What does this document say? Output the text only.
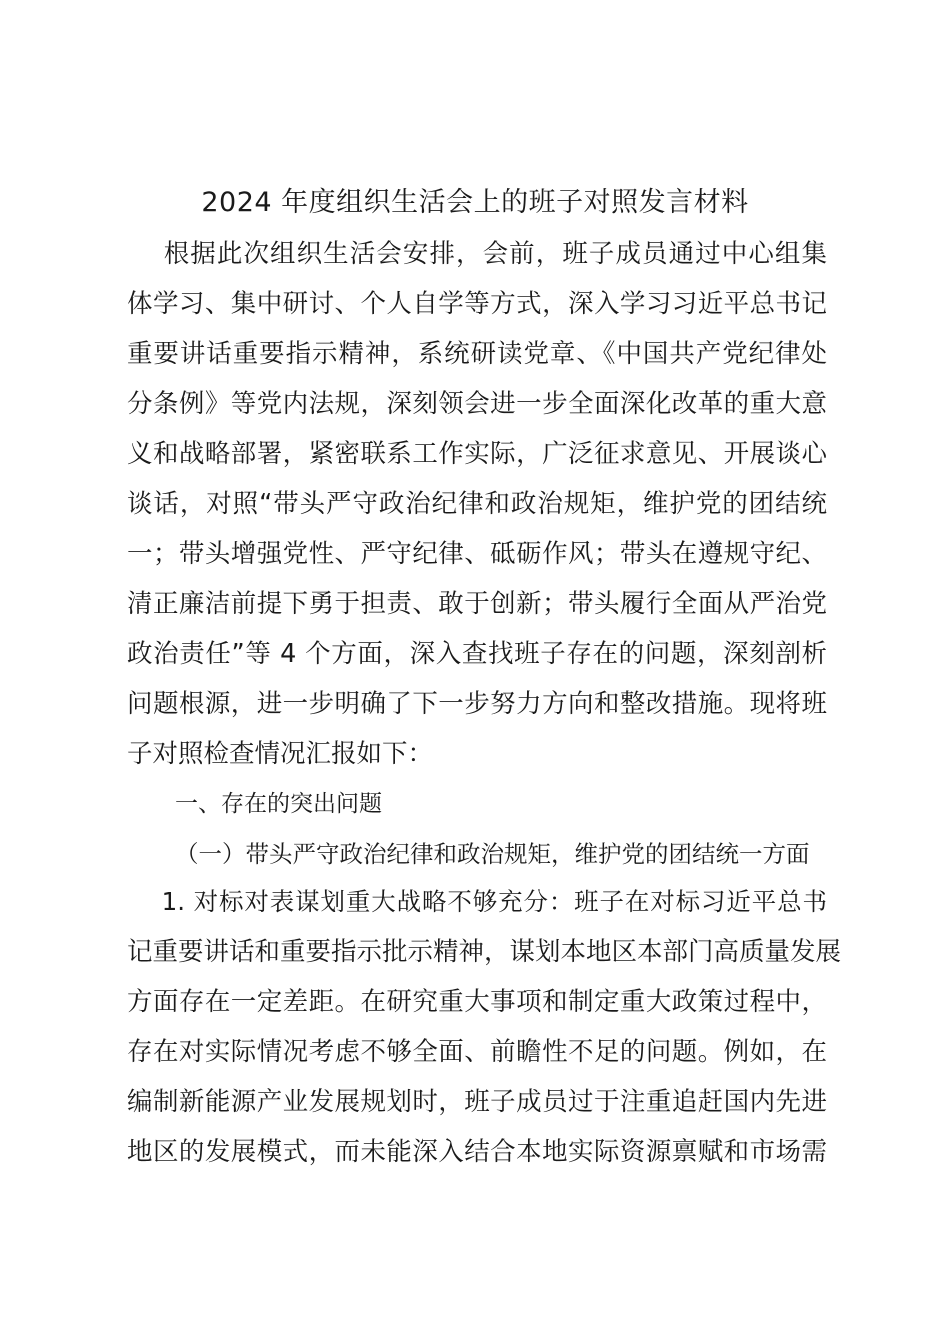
2024 年度组织生活会上的班子对照发言材料
根据此次组织生活会安排，会前，班子成员通过中心组集
体学习、集中研讨、个人自学等方式，深入学习习近平总书记
重要讲话重要指示精神，系统研读党章、《中国共产党纪律处
分条例》等党内法规，深刻领会进一步全面深化改革的重大意
义和战略部署，紧密联系工作实际，广泛征求意见、开展谈心
谈话，对照“带头严守政治纪律和政治规矩，维护党的团结统
一；带头增强党性、严守纪律、砥砺作风；带头在遵规守纪、
清正廉洁前提下勇于担责、敢于创新；带头履行全面从严治党
政治责任”等 4 个方面，深入查找班子存在的问题，深刻剖析
问题根源，进一步明确了下一步努力方向和整改措施。现将班
子对照检查情况汇报如下：
一、存在的突出问题
（一）带头严守政治纪律和政治规矩，维护党的团结统一方面
1. 对标对表谋划重大战略不够充分：班子在对标习近平总书
记重要讲话和重要指示批示精神，谋划本地区本部门高质量发展
方面存在一定差距。在研究重大事项和制定重大政策过程中，
存在对实际情况考虑不够全面、前瞻性不足的问题。例如，在
编制新能源产业发展规划时，班子成员过于注重追赶国内先进
地区的发展模式，而未能深入结合本地实际资源禀赋和市场需
